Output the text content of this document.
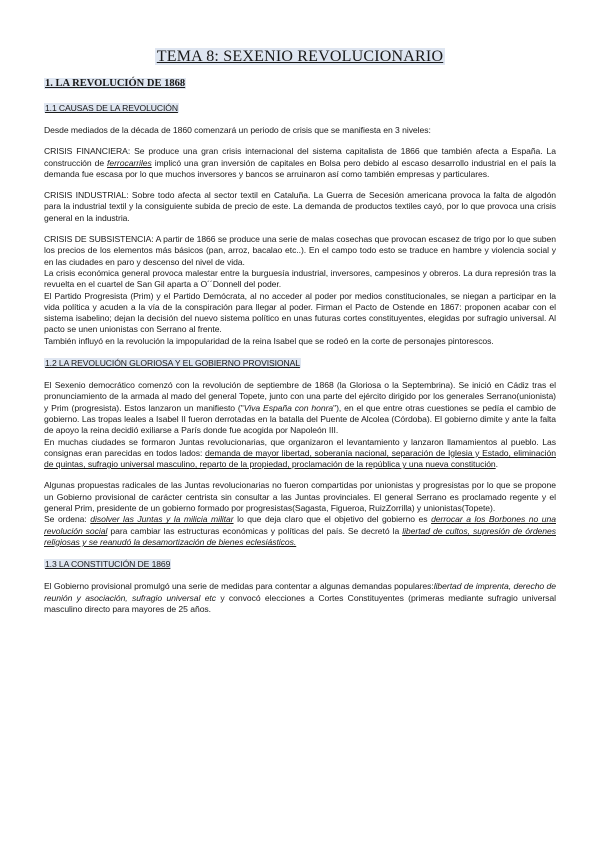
TEMA 8: SEXENIO REVOLUCIONARIO
1. LA REVOLUCIÓN DE 1868
1.1 CAUSAS DE LA REVOLUCIÓN

Desde mediados de la década de 1860 comenzará un periodo de crisis que se manifiesta en 3 niveles:

CRISIS FINANCIERA: Se produce una gran crisis internacional del sistema capitalista de 1866 que también afecta a España. La construcción de ferrocarriles implicó una gran inversión de capitales en Bolsa pero debido al escaso desarrollo industrial en el país la demanda fue escasa por lo que muchos inversores y bancos se arruinaron así como también empresas y particulares.

CRISIS INDUSTRIAL: Sobre todo afecta al sector textil en Cataluña. La Guerra de Secesión americana provoca la falta de algodón para la industrial textil y la consiguiente subida de precio de este. La demanda de productos textiles cayó, por lo que provoca una crisis general en la industria.

CRISIS DE SUBSISTENCIA: A partir de 1866 se produce una serie de malas cosechas que provocan escasez de trigo por lo que suben los precios de los elementos más básicos (pan, arroz, bacalao etc..). En el campo todo esto se traduce en hambre y violencia social y en las ciudades en paro y descenso del nivel de vida.

La crisis económica general provoca malestar entre la burguesía industrial, inversores, campesinos y obreros. La dura represión tras la revuelta en el cuartel de San Gil aparta a O´´Donnell del poder.

El Partido Progresista (Prim) y el Partido Demócrata, al no acceder al poder por medios constitucionales, se niegan a participar en la vida política y acuden a la vía de la conspiración para llegar al poder. Firman el Pacto de Ostende en 1867: proponen acabar con el sistema isabelino; dejan la decisión del nuevo sistema político en unas futuras cortes constituyentes, elegidas por sufragio universal. Al pacto se unen unionistas con Serrano al frente.

También influyó en la revolución la impopularidad de la reina Isabel que se rodeó en la corte de personajes pintorescos.

1.2 LA REVOLUCIÓN GLORIOSA Y EL GOBIERNO PROVISIONAL

El Sexenio democrático comenzó con la revolución de septiembre de 1868 (la Gloriosa o la Septembrina). Se inició en Cádiz tras el pronunciamiento de la armada al mado del general Topete, junto con una parte del ejército dirigido por los generales Serrano(unionista) y Prim (progresista). Estos lanzaron un manifiesto ("Viva España con honra"), en el que entre otras cuestiones se pedía el cambio de gobierno. Las tropas leales a Isabel II fueron derrotadas en la batalla del Puente de Alcolea (Córdoba). El gobierno dimite y ante la falta de apoyo la reina decidió exiliarse a París donde fue acogida por Napoleón III.

En muchas ciudades se formaron Juntas revolucionarias, que organizaron el levantamiento y lanzaron llamamientos al pueblo. Las consignas eran parecidas en todos lados: demanda de mayor libertad, soberanía nacional, separación de Iglesia y Estado, eliminación de quintas, sufragio universal masculino, reparto de la propiedad, proclamación de la república y una nueva constitución.

Algunas propuestas radicales de las Juntas revolucionarias no fueron compartidas por unionistas y progresistas por lo que se propone un Gobierno provisional de carácter centrista sin consultar a las Juntas provinciales. El general Serrano es proclamado regente y el general Prim, presidente de un gobierno formado por progresistas(Sagasta, Figueroa, RuizZorrilla) y unionistas(Topete).

Se ordena: disolver las Juntas y la milicia militar lo que deja claro que el objetivo del gobierno es derrocar a los Borbones no una revolución social para cambiar las estructuras económicas y políticas del país. Se decretó la libertad de cultos, supresión de órdenes religiosas y se reanudó la desamortización de bienes eclesiásticos.

1.3 LA CONSTITUCIÓN DE 1869

El Gobierno provisional promulgó una serie de medidas para contentar a algunas demandas populares:libertad de imprenta, derecho de reunión y asociación, sufragio universal etc y convocó elecciones a Cortes Constituyentes (primeras mediante sufragio universal masculino directo para mayores de 25 años.
